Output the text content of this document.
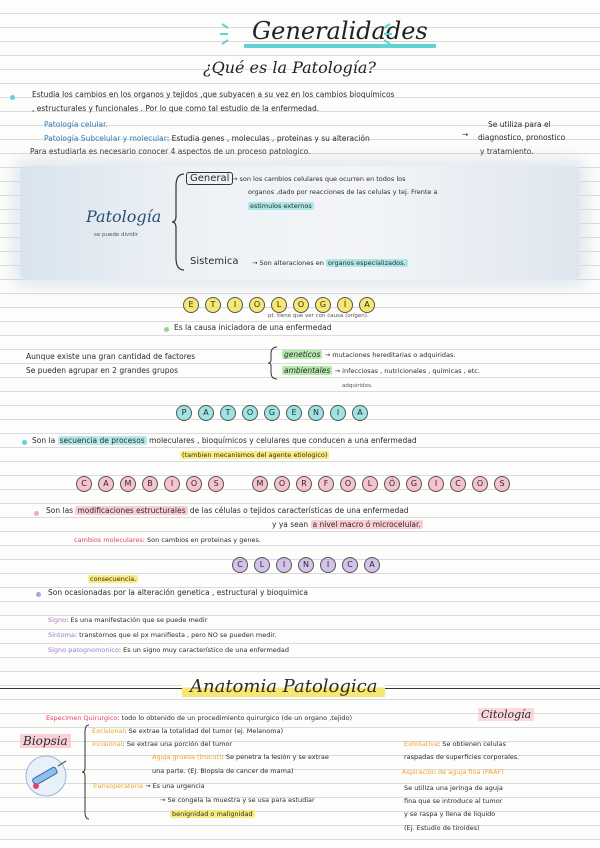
Generalidades
¿Qué es la Patología?
Estudia los cambios en los organos y tejidos ,que subyacen a su vez en los cambios bioquímicos
, estructurales y funcionales . Por lo que como tal estudio de la enfermedad.
Patología celular.
Patología Subcelular y molecular: Estudia genes , moleculas , proteinas y su alteración
Se utiliza para el
diagnostico, pronostico
y tratamiento.
→
Para estudiarla es necesario conocer 4 aspectos de un proceso patologico.
Patología
se puede dividir
General → son los cambios celulares que ocurren en todos los
organos ,dado por reacciones de las celulas y tej. Frente a
estimulos externos
Sistemica → Son alteraciones en organos especializados.
E T I O L O G Í A
pt. tiene que ver con causa (orígen).
Es la causa iniciadora de una enfermedad
Aunque existe una gran cantidad de factores
Se pueden agrupar en 2 grandes grupos
geneticos → mutaciones hereditarias o adquiridas.
ambientales → infecciosas , nutricionales , químicas , etc.
adquiridos.
P A T O G E N I A
Son la secuencia de procesos moleculares , bioquímicos y celulares que conducen a una enfermedad
(tambien mecanismos del agente etiologico)
C A M B I O S	M O R F O L Ó G I C O S
Son las modificaciones estructurales de las células o tejidos características de una enfermedad
y ya sean a nivel macro ó microcelular.
cambios moleculares: Son cambios en proteinas y genes.
C L I N I C A
consecuencia.
Son ocasionadas por la alteración genetica , estructural y bioquimica
Signo: Es una manifestación que se puede medir
Síntoma: transtornos que el px manifiesta , pero NO se pueden medir.
Signo patognomonico: Es un signo muy característico de una enfermedad
Anatomia Patologica
Especimen Quirurgico: todo lo obtenido de un procedimiento quirurgico (de un organo ,tejido)	Citología
Biopsia
Excisional: Se extrae la totalidad del tumor (ej. Melanoma)
Incisional: Se extrae una porción del tumor
Aguja gruesa (trucut): Se penetra la lesión y se extrae
una parte. (Ej. Biopsia de cancer de mama)
Transoperatoria → Es una urgencia
→ Se congela la muestra y se usa para estudiar
benignidad o malignidad
Exfoliativa: Se obtienen celulas
raspadas de superficies corporales.
Aspiración de aguja fina (PAAF)
Se utiliza una jeringa de aguja
fina que se introduce al tumor
y se raspa y llena de liquido
(Ej. Estudio de tiroides)
